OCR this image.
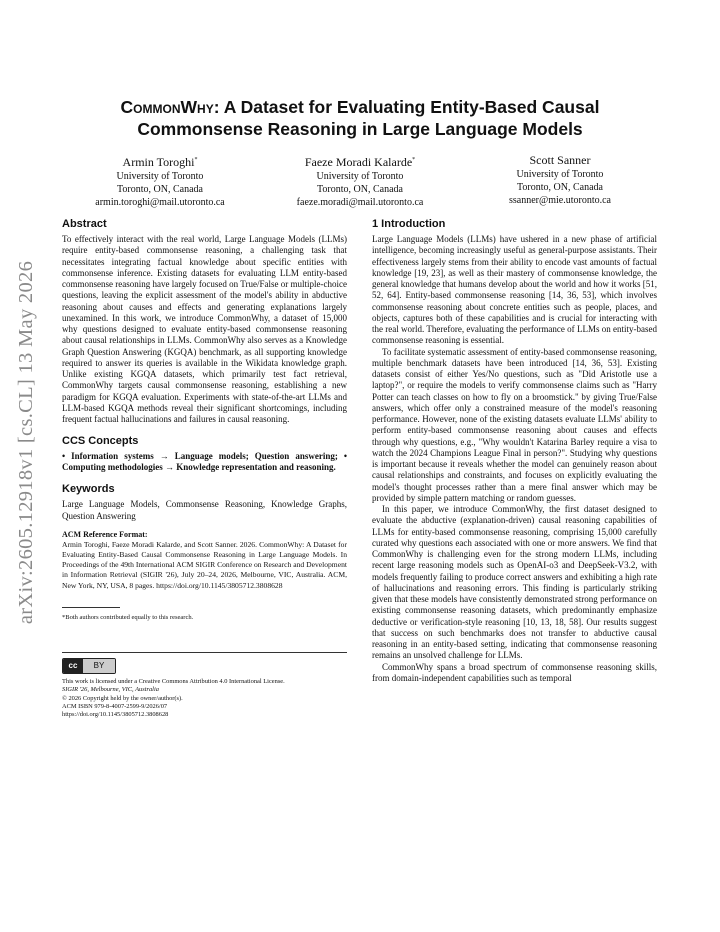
arXiv:2605.12918v1 [cs.CL] 13 May 2026
CommonWhy: A Dataset for Evaluating Entity-Based Causal
Commonsense Reasoning in Large Language Models
Armin Toroghi*
University of Toronto
Toronto, ON, Canada
armin.toroghi@mail.utoronto.ca
Faeze Moradi Kalarde*
University of Toronto
Toronto, ON, Canada
faeze.moradi@mail.utoronto.ca
Scott Sanner
University of Toronto
Toronto, ON, Canada
ssanner@mie.utoronto.ca
Abstract

To effectively interact with the real world, Large Language Models (LLMs) require entity-based commonsense reasoning, a challenging task that necessitates integrating factual knowledge about specific entities with commonsense inference. Existing datasets for evaluating LLM entity-based commonsense reasoning have largely focused on True/False or multiple-choice questions, leaving the explicit assessment of the model's ability in abductive reasoning about causes and effects and generating explanations largely unexamined. In this work, we introduce CommonWhy, a dataset of 15,000 why questions designed to evaluate entity-based commonsense reasoning about causal relationships in LLMs. CommonWhy also serves as a Knowledge Graph Question Answering (KGQA) benchmark, as all supporting knowledge required to answer its queries is available in the Wikidata knowledge graph. Unlike existing KGQA datasets, which primarily test fact retrieval, CommonWhy targets causal commonsense reasoning, establishing a new paradigm for KGQA evaluation. Experiments with state-of-the-art LLMs and LLM-based KGQA methods reveal their significant shortcomings, including frequent factual hallucinations and failures in causal reasoning.

CCS Concepts

• Information systems → Language models; Question answering; • Computing methodologies → Knowledge representation and reasoning.

Keywords

Large Language Models, Commonsense Reasoning, Knowledge Graphs, Question Answering

ACM Reference Format:

Armin Toroghi, Faeze Moradi Kalarde, and Scott Sanner. 2026. CommonWhy: A Dataset for Evaluating Entity-Based Causal Commonsense Reasoning in Large Language Models. In Proceedings of the 49th International ACM SIGIR Conference on Research and Development in Information Retrieval (SIGIR '26), July 20–24, 2026, Melbourne, VIC, Australia. ACM, New York, NY, USA, 8 pages. https://doi.org/10.1145/3805712.3808628

*Both authors contributed equally to this research.
cc	BY
This work is licensed under a Creative Commons Attribution 4.0 International License.
SIGIR '26, Melbourne, VIC, Australia
© 2026 Copyright held by the owner/author(s).
ACM ISBN 979-8-4007-2599-9/2026/07
https://doi.org/10.1145/3805712.3808628
1 Introduction

Large Language Models (LLMs) have ushered in a new phase of artificial intelligence, becoming increasingly useful as general-purpose assistants. Their effectiveness largely stems from their ability to encode vast amounts of factual knowledge [19, 23], as well as their mastery of commonsense knowledge, the general knowledge that humans develop about the world and how it works [51, 52, 64]. Entity-based commonsense reasoning [14, 36, 53], which involves commonsense reasoning about concrete entities such as people, places, and objects, captures both of these capabilities and is crucial for interacting with the real world. Therefore, evaluating the performance of LLMs on entity-based commonsense reasoning is essential.

To facilitate systematic assessment of entity-based commonsense reasoning, multiple benchmark datasets have been introduced [14, 36, 53]. Existing datasets consist of either Yes/No questions, such as "Did Aristotle use a laptop?", or require the models to verify commonsense claims such as "Harry Potter can teach classes on how to fly on a broomstick." by giving True/False answers, which offer only a constrained measure of the model's reasoning performance. However, none of the existing datasets evaluate LLMs' ability to perform entity-based commonsense reasoning about causes and effects through why questions, e.g., "Why wouldn't Katarina Barley require a visa to watch the 2024 Champions League Final in person?". Studying why questions is important because it reveals whether the model can genuinely reason about causal relationships and constraints, and focuses on explicitly evaluating the model's thought processes rather than a mere final answer which may be provided by simple pattern matching or random guesses.

In this paper, we introduce CommonWhy, the first dataset designed to evaluate the abductive (explanation-driven) causal reasoning capabilities of LLMs for entity-based commonsense reasoning, comprising 15,000 carefully curated why questions each associated with one or more answers. We find that CommonWhy is challenging even for the strong modern LLMs, including recent large reasoning models such as OpenAI-o3 and DeepSeek-V3.2, with models frequently failing to produce correct answers and exhibiting a high rate of hallucinations and reasoning errors. This finding is particularly striking given that these models have consistently demonstrated strong performance on existing commonsense reasoning datasets, which predominantly emphasize deductive or verification-style reasoning [10, 13, 18, 58]. Our results suggest that success on such benchmarks does not transfer to abductive causal reasoning in an entity-based setting, indicating that commonsense reasoning remains an unsolved challenge for LLMs.

CommonWhy spans a broad spectrum of commonsense reasoning skills, from domain-independent capabilities such as temporal
